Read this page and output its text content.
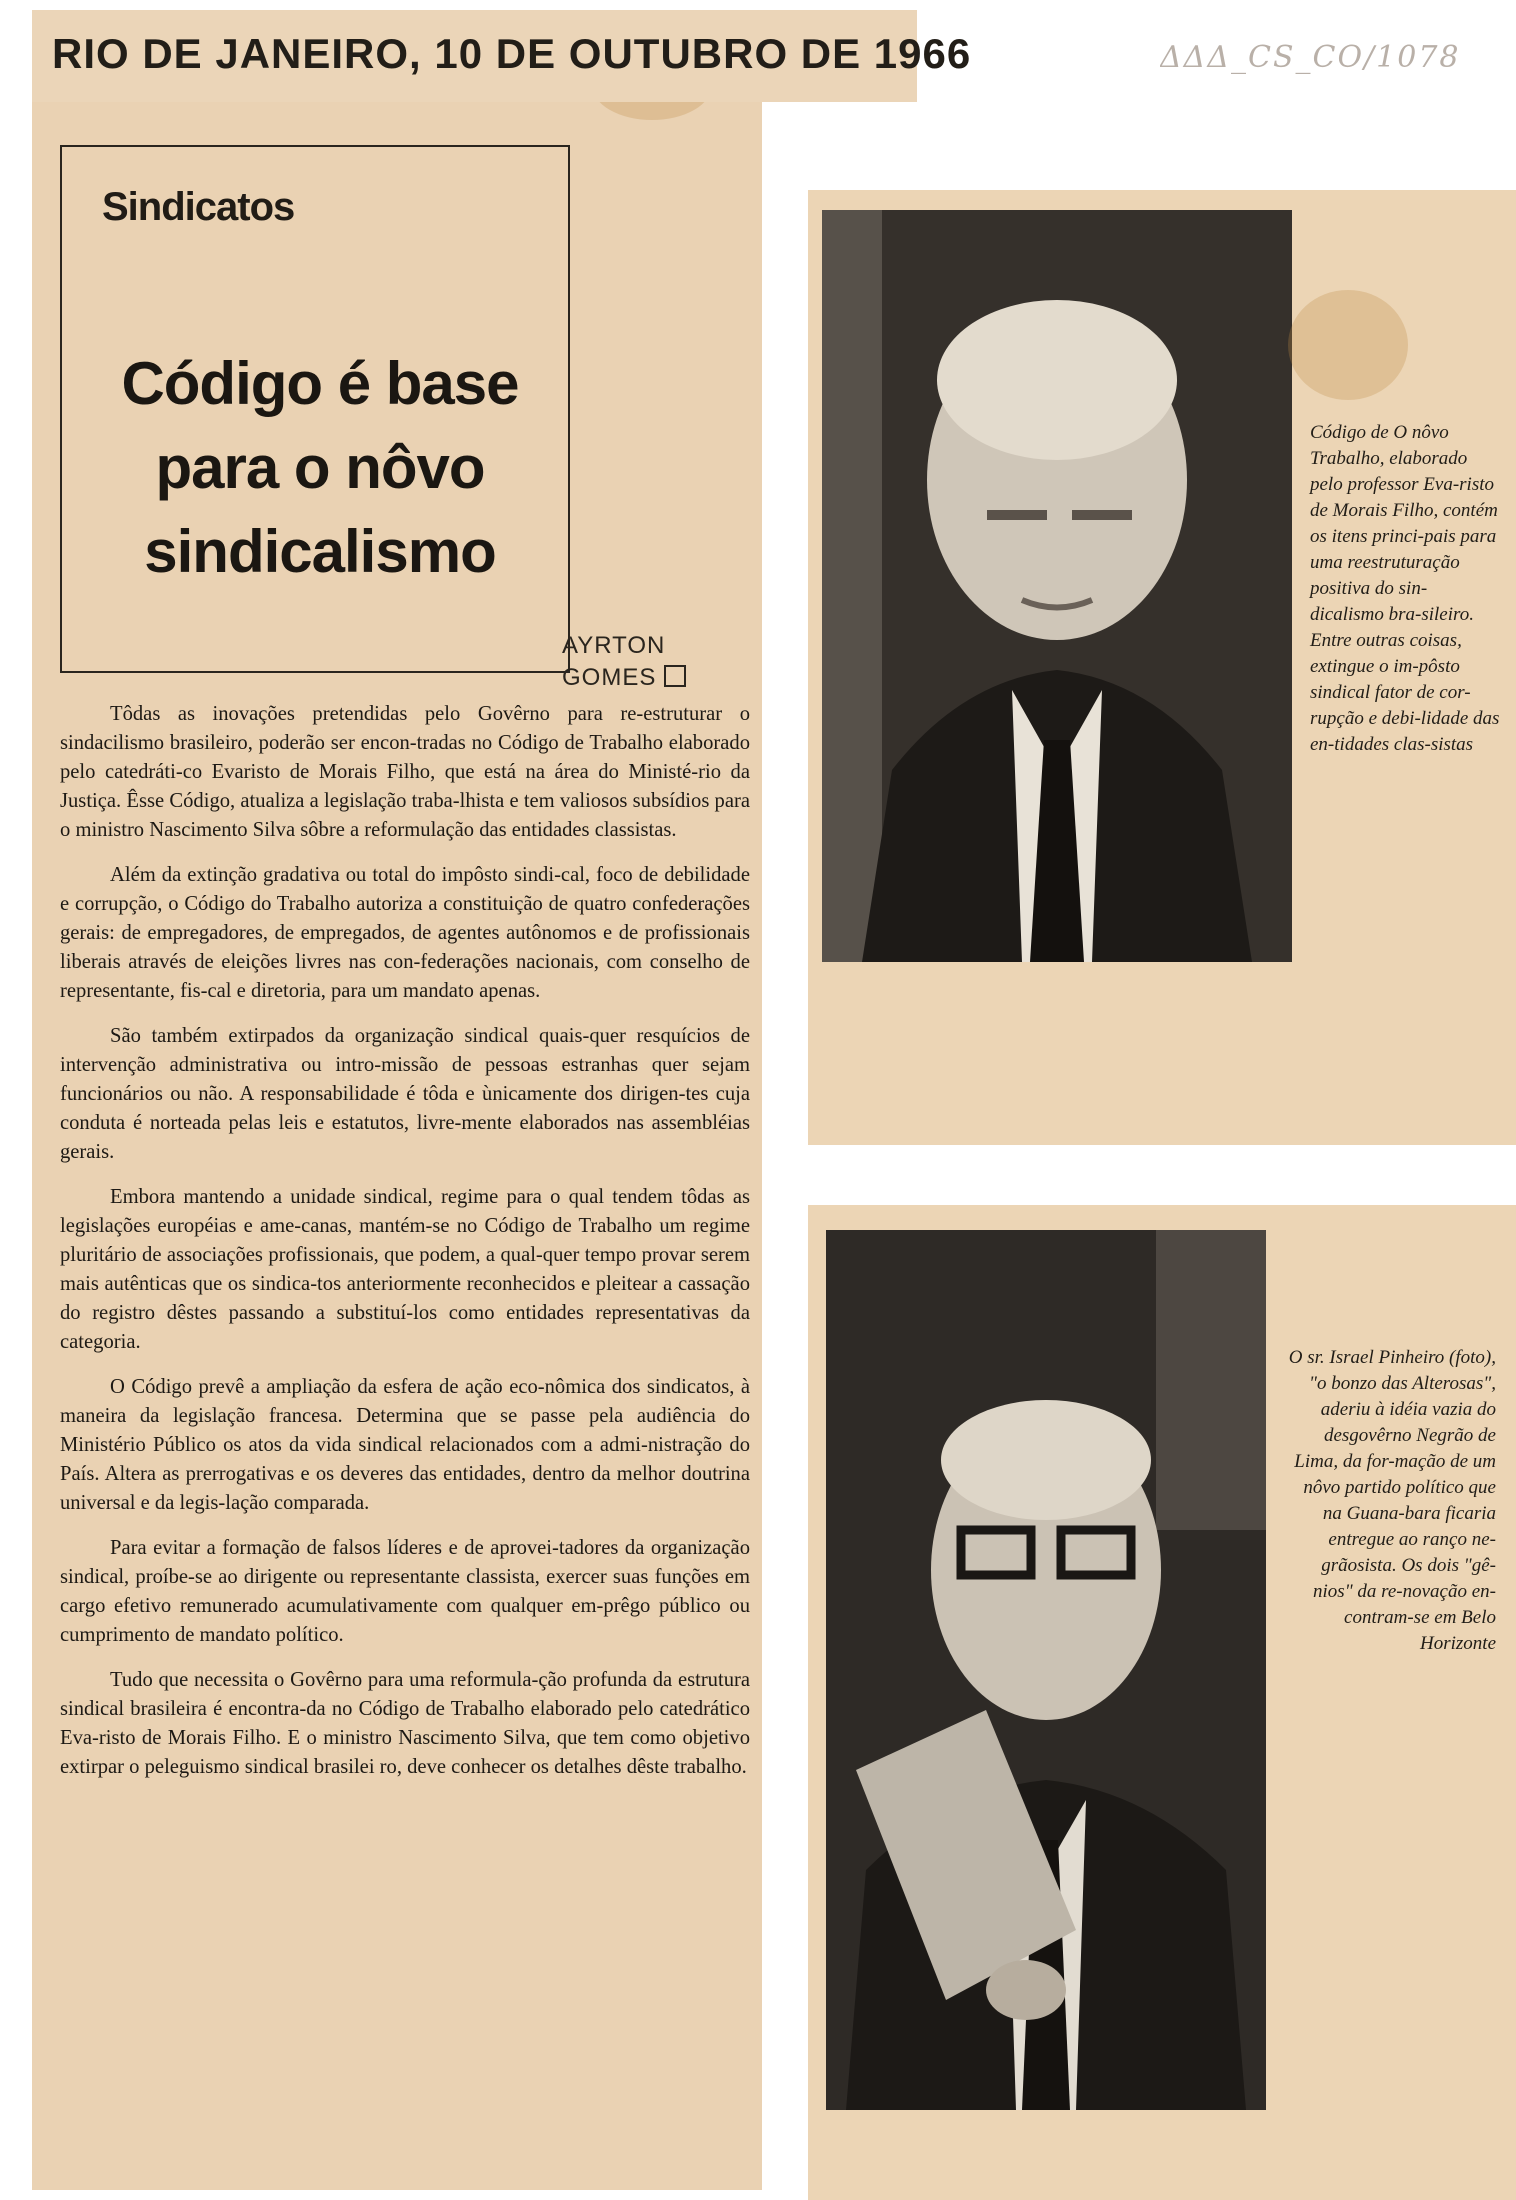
ΔΔΔ_CS_CO/1078
Sindicatos
Código é base para o nôvo sindicalismo
AYRTON
GOMES

Tôdas as inovações pretendidas pelo Govêrno para re-estruturar o sindacilismo brasileiro, poderão ser encon-tradas no Código de Trabalho elaborado pelo catedráti-co Evaristo de Morais Filho, que está na área do Ministé-rio da Justiça. Êsse Código, atualiza a legislação traba-lhista e tem valiosos subsídios para o ministro Nascimento Silva sôbre a reformulação das entidades classistas.

Além da extinção gradativa ou total do impôsto sindi-cal, foco de debilidade e corrupção, o Código do Trabalho autoriza a constituição de quatro confederações gerais: de empregadores, de empregados, de agentes autônomos e de profissionais liberais através de eleições livres nas con-federações nacionais, com conselho de representante, fis-cal e diretoria, para um mandato apenas.

São também extirpados da organização sindical quais-quer resquícios de intervenção administrativa ou intro-missão de pessoas estranhas quer sejam funcionários ou não. A responsabilidade é tôda e ùnicamente dos dirigen-tes cuja conduta é norteada pelas leis e estatutos, livre-mente elaborados nas assembléias gerais.

Embora mantendo a unidade sindical, regime para o qual tendem tôdas as legislações européias e ame-canas, mantém-se no Código de Trabalho um regime pluritário de associações profissionais, que podem, a qual-quer tempo provar serem mais autênticas que os sindica-tos anteriormente reconhecidos e pleitear a cassação do registro dêstes passando a substituí-los como entidades representativas da categoria.

O Código prevê a ampliação da esfera de ação eco-nômica dos sindicatos, à maneira da legislação francesa. Determina que se passe pela audiência do Ministério Público os atos da vida sindical relacionados com a admi-nistração do País. Altera as prerrogativas e os deveres das entidades, dentro da melhor doutrina universal e da legis-lação comparada.

Para evitar a formação de falsos líderes e de aprovei-tadores da organização sindical, proíbe-se ao dirigente ou representante classista, exercer suas funções em cargo efetivo remunerado acumulativamente com qualquer em-prêgo público ou cumprimento de mandato político.

Tudo que necessita o Govêrno para uma reformula-ção profunda da estrutura sindical brasileira é encontra-da no Código de Trabalho elaborado pelo catedrático Eva-risto de Morais Filho. E o ministro Nascimento Silva, que tem como objetivo extirpar o peleguismo sindical brasilei ro, deve conhecer os detalhes dêste trabalho.

RIO DE JANEIRO, 10 DE OUTUBRO DE 1966
Código de O nôvo Trabalho, elaborado pelo professor Eva-risto de Morais Filho, contém os itens princi-pais para uma reestruturação positiva do sin-dicalismo bra-sileiro. Entre outras coisas, extingue o im-pôsto sindical fator de cor-rupção e debi-lidade das en-tidades clas-sistas
O sr. Israel Pinheiro (foto), "o bonzo das Alterosas", aderiu à idéia vazia do desgovêrno Negrão de Lima, da for-mação de um nôvo partido político que na Guana-bara ficaria entregue ao ranço ne-grãosista. Os dois "gê-nios" da re-novação en-contram-se em Belo Horizonte
